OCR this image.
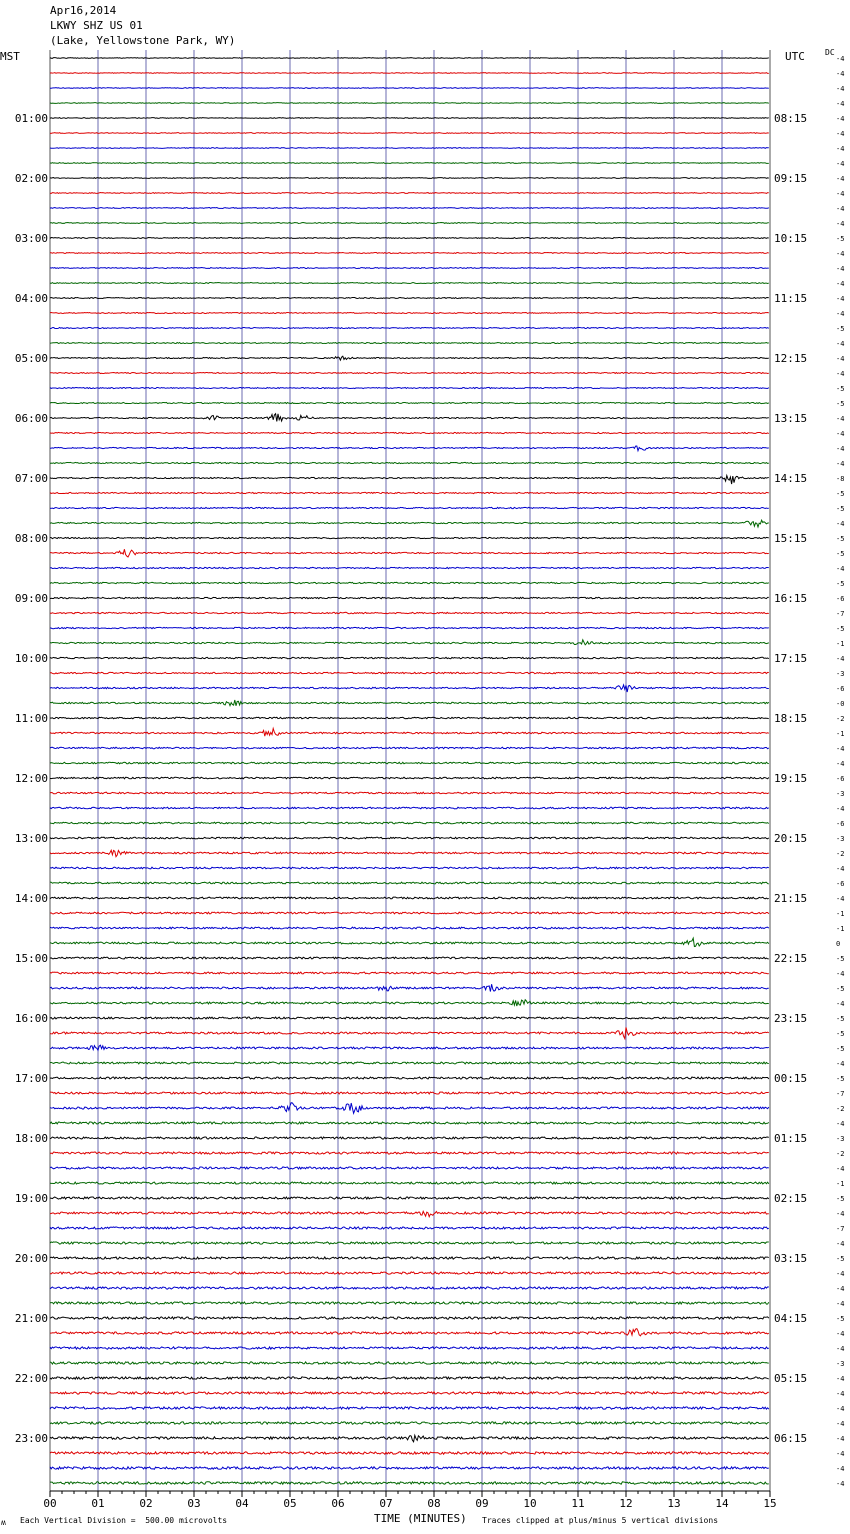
Apr16,2014
LKWY SHZ US 01
(Lake, Yellowstone Park, WY)
MST	UTC	DC
-4
-4
-4
-4
-4
-4
-4
-4
-4
-4
-4
-4
-5
-4
-4
-4
-4
-4
-5
-4
-4
-4
-5
-5
-4
-4
-4
-4
-8
-5
-5
-4
-5
-5
-4
-5
-6
-7
-5
-1
-4
-3
-6
-0
-2
-1
-4
-4
-6
-3
-4
-6
-3
-2
-4
-6
-4
-1
-1
0
-5
-4
-5
-4
-5
-5
-5
-4
-5
-7
-2
-4
-3
-2
-4
-1
-5
-4
-7
-4
-5
-4
-4
-4
-5
-4
-4
-3
-4
-4
-4
-4
-4
-4
-4
-4
01:00
02:00
03:00
04:00
05:00
06:00
07:00
08:00
09:00
10:00
11:00
12:00
13:00
14:00
15:00
16:00
17:00
18:00
19:00
20:00
21:00
22:00
23:00
08:15
09:15
10:15
11:15
12:15
13:15
14:15
15:15
16:15
17:15
18:15
19:15
20:15
21:15
22:15
23:15
00:15
01:15
02:15
03:15
04:15
05:15
06:15
00	01	02	03	04	05	06	07	08	09	10	11	12	13	14	15
ʍ Each Vertical Division =  500.00 microvolts	TIME (MINUTES) Traces clipped at plus/minus 5 vertical divisions
